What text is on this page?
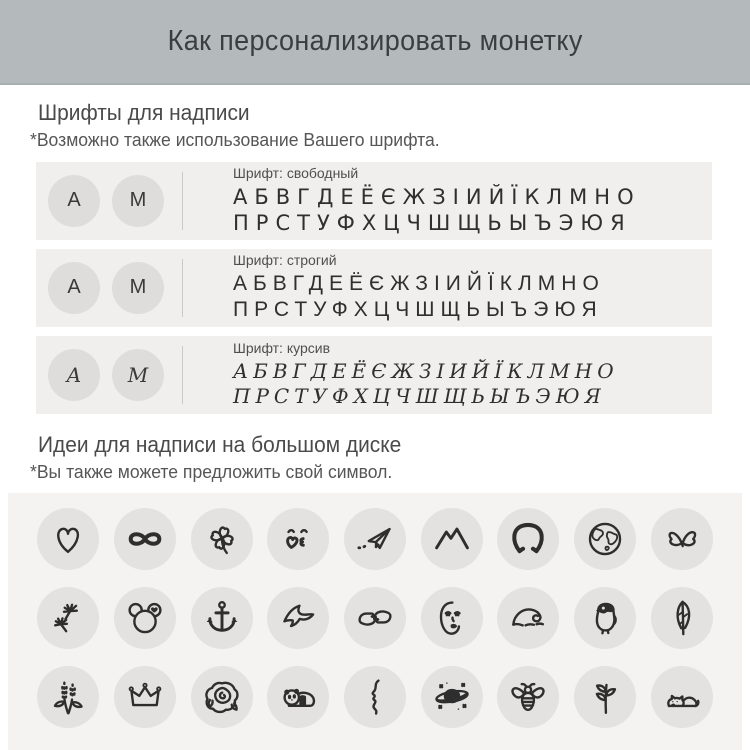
Как персонализировать монетку
Шрифты для надписи

*Возможно также использование Вашего шрифта.

А М
Шрифт: свободный
АБВГДЕЁЄЖЗІИЙЇКЛМНО
ПРСТУФХЦЧШЩЬЫЪЭЮЯ
А М
Шрифт: строгий
АБВГДЕЁЄЖЗІИЙЇКЛМНО
ПРСТУФХЦЧШЩЬЫЪЭЮЯ
А М
Шрифт: курсив
АБВГДЕЁЄЖЗІИЙЇКЛМНО
ПРСТУФХЦЧШЩЬЫЪЭЮЯ
Идеи для надписи на большом диске

*Вы также можете предложить свой символ.
